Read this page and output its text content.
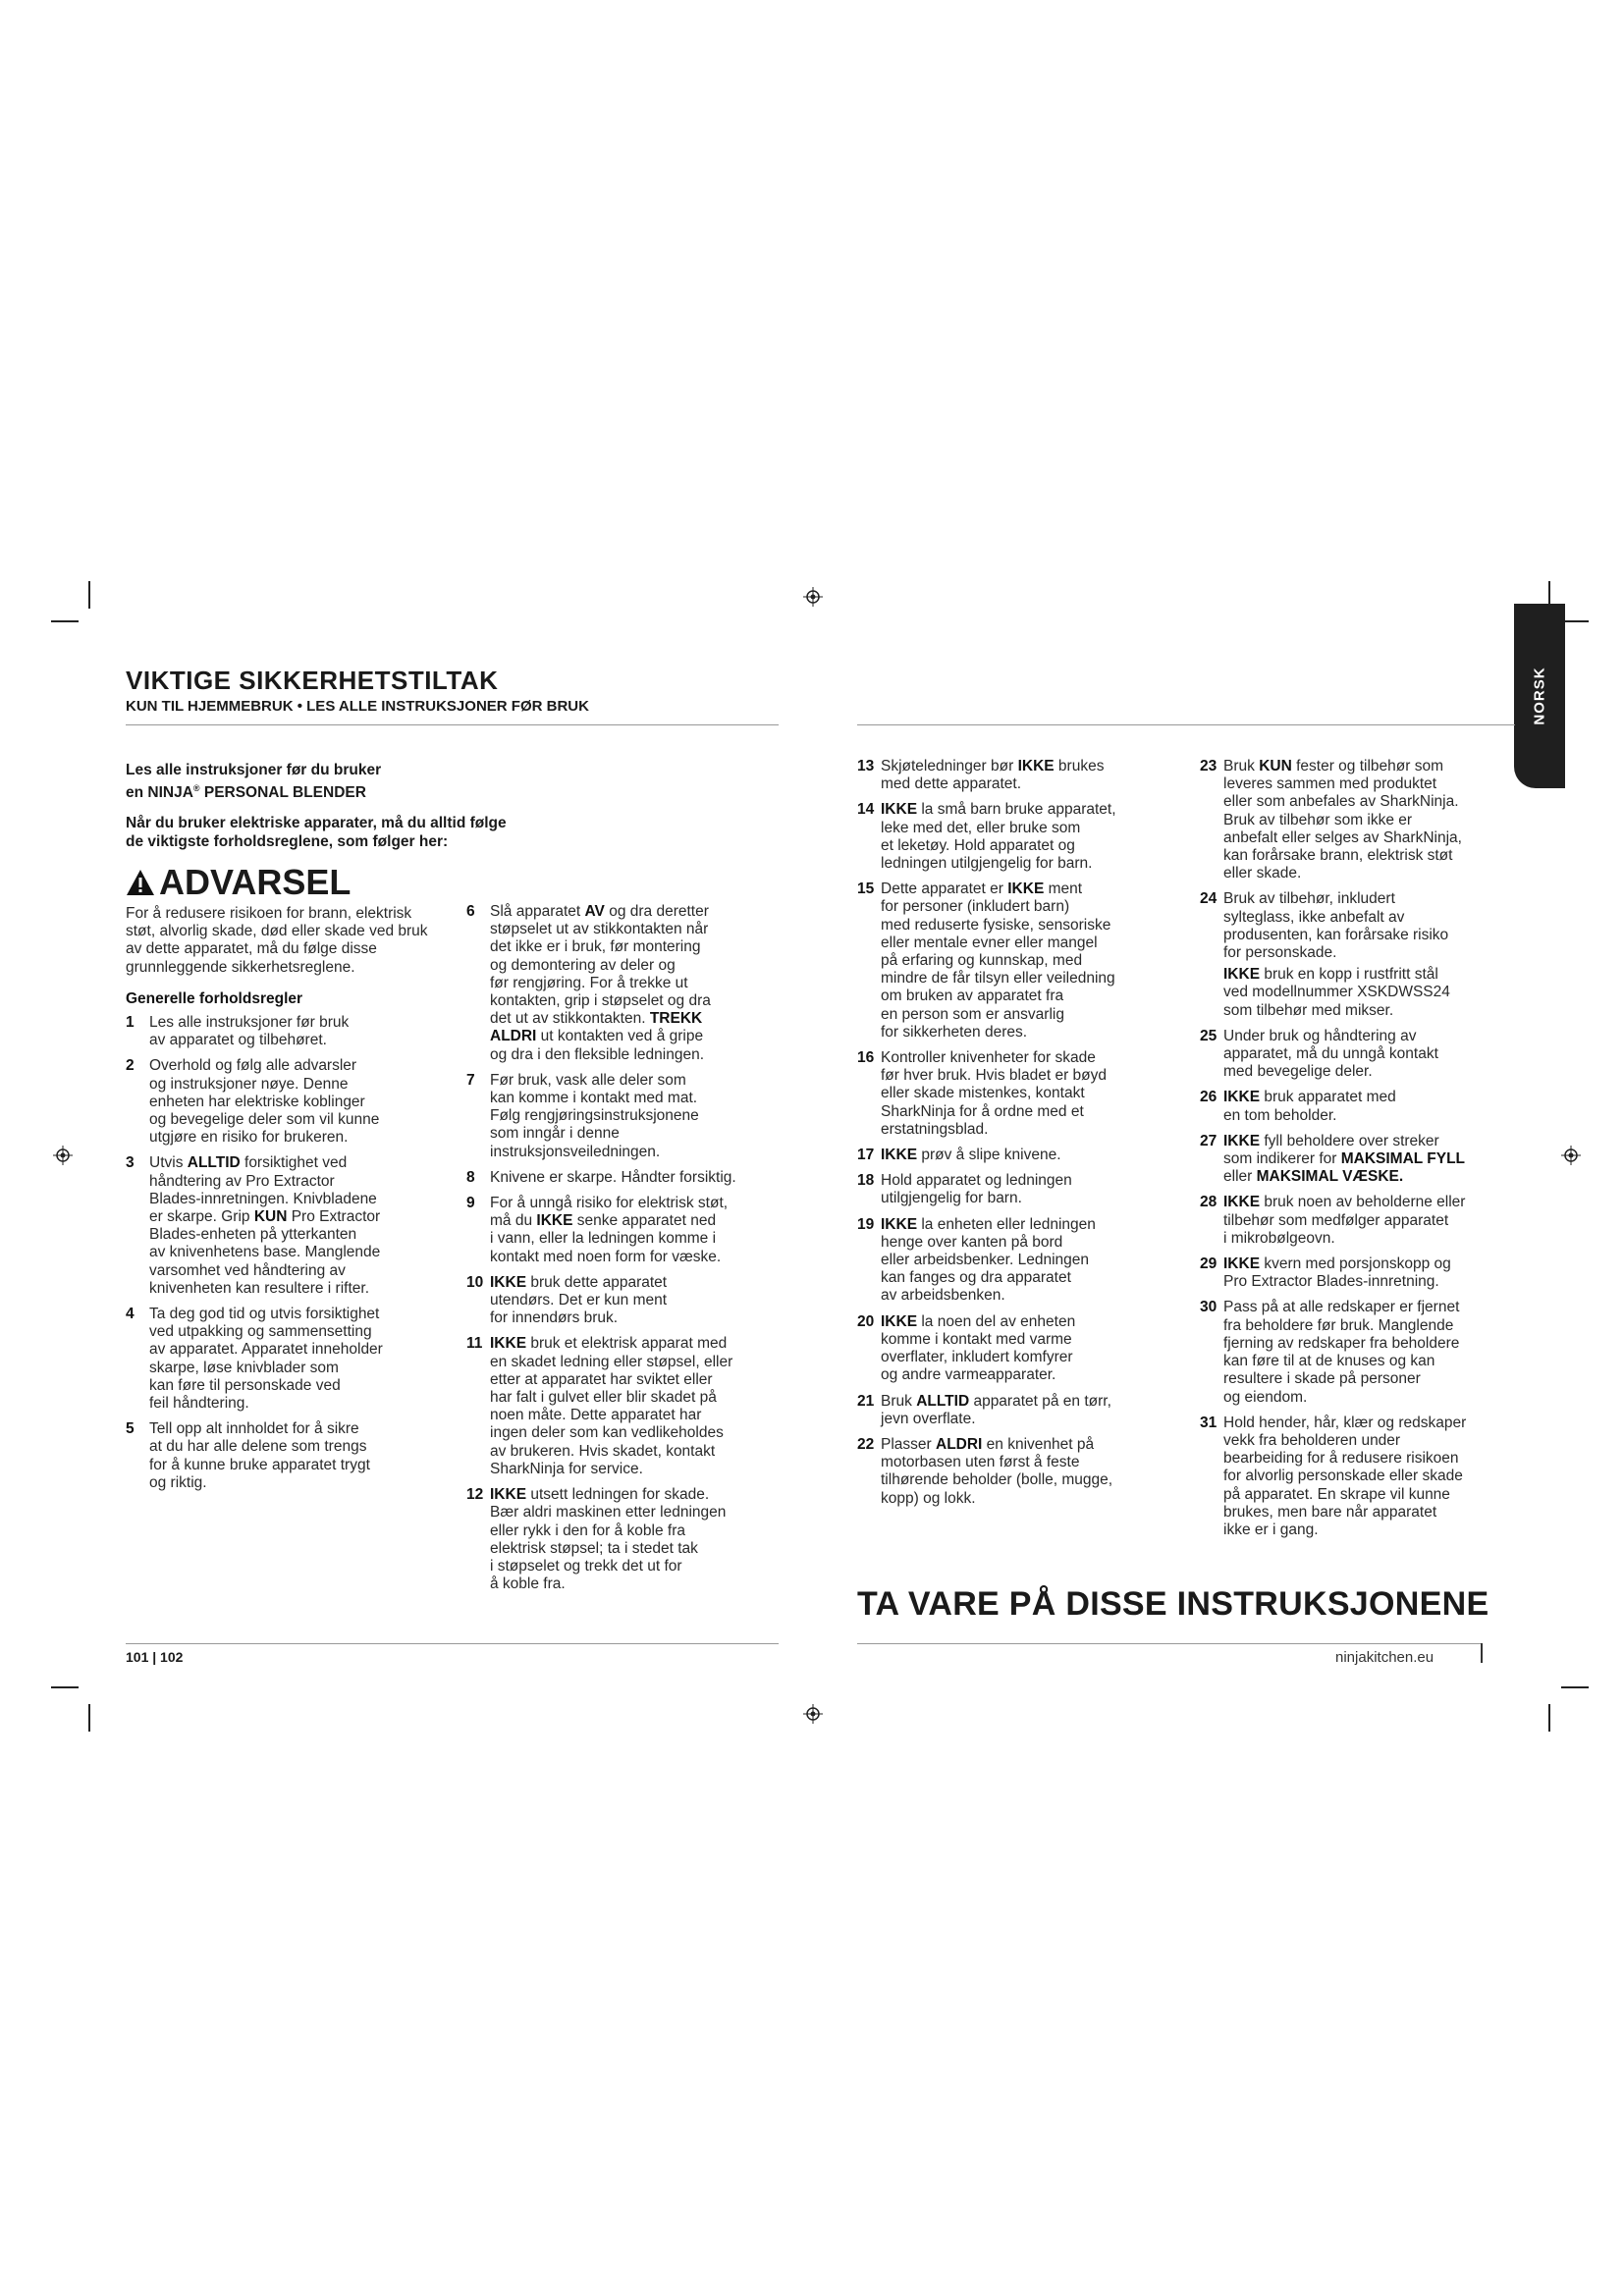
NORSK
VIKTIGE SIKKERHETSTILTAK
KUN TIL HJEMMEBRUK • LES ALLE INSTRUKSJONER FØR BRUK
Les alle instruksjoner før du bruker
en NINJA® PERSONAL BLENDER
Når du bruker elektriske apparater, må du alltid følge
de viktigste forholdsreglene, som følger her:
ADVARSEL

For å redusere risikoen for brann, elektrisk støt, alvorlig skade, død eller skade ved bruk av dette apparatet, må du følge disse grunnleggende sikkerhetsreglene.

Generelle forholdsregler
1 Les alle instruksjoner før bruk
av apparatet og tilbehøret.
2 Overhold og følg alle advarsler
og instruksjoner nøye. Denne
enheten har elektriske koblinger
og bevegelige deler som vil kunne
utgjøre en risiko for brukeren.
3 Utvis ALLTID forsiktighet ved
håndtering av Pro Extractor
Blades-innretningen. Knivbladene
er skarpe. Grip KUN Pro Extractor
Blades-enheten på ytterkanten
av knivenhetens base. Manglende
varsomhet ved håndtering av
knivenheten kan resultere i rifter.
4 Ta deg god tid og utvis forsiktighet
ved utpakking og sammensetting
av apparatet. Apparatet inneholder
skarpe, løse knivblader som
kan føre til personskade ved
feil håndtering.
5 Tell opp alt innholdet for å sikre
at du har alle delene som trengs
for å kunne bruke apparatet trygt
og riktig.
6 Slå apparatet AV og dra deretter
støpselet ut av stikkontakten når
det ikke er i bruk, før montering
og demontering av deler og
før rengjøring. For å trekke ut
kontakten, grip i støpselet og dra
det ut av stikkontakten. TREKK
ALDRI ut kontakten ved å gripe
og dra i den fleksible ledningen.
7 Før bruk, vask alle deler som
kan komme i kontakt med mat.
Følg rengjøringsinstruksjonene
som inngår i denne
instruksjonsveiledningen.
8 Knivene er skarpe. Håndter forsiktig.
9 For å unngå risiko for elektrisk støt,
må du IKKE senke apparatet ned
i vann, eller la ledningen komme i
kontakt med noen form for væske.
10 IKKE bruk dette apparatet
utendørs. Det er kun ment
for innendørs bruk.
11 IKKE bruk et elektrisk apparat med
en skadet ledning eller støpsel, eller
etter at apparatet har sviktet eller
har falt i gulvet eller blir skadet på
noen måte. Dette apparatet har
ingen deler som kan vedlikeholdes
av brukeren. Hvis skadet, kontakt
SharkNinja for service.
12 IKKE utsett ledningen for skade.
Bær aldri maskinen etter ledningen
eller rykk i den for å koble fra
elektrisk støpsel; ta i stedet tak
i støpselet og trekk det ut for
å koble fra.
13 Skjøteledninger bør IKKE brukes
med dette apparatet.
14 IKKE la små barn bruke apparatet,
leke med det, eller bruke som
et leketøy. Hold apparatet og
ledningen utilgjengelig for barn.
15 Dette apparatet er IKKE ment
for personer (inkludert barn)
med reduserte fysiske, sensoriske
eller mentale evner eller mangel
på erfaring og kunnskap, med
mindre de får tilsyn eller veiledning
om bruken av apparatet fra
en person som er ansvarlig
for sikkerheten deres.
16 Kontroller knivenheter for skade
før hver bruk. Hvis bladet er bøyd
eller skade mistenkes, kontakt
SharkNinja for å ordne med et
erstatningsblad.
17 IKKE prøv å slipe knivene.
18 Hold apparatet og ledningen
utilgjengelig for barn.
19 IKKE la enheten eller ledningen
henge over kanten på bord
eller arbeidsbenker. Ledningen
kan fanges og dra apparatet
av arbeidsbenken.
20 IKKE la noen del av enheten
komme i kontakt med varme
overflater, inkludert komfyrer
og andre varmeapparater.
21 Bruk ALLTID apparatet på en tørr,
jevn overflate.
22 Plasser ALDRI en knivenhet på
motorbasen uten først å feste
tilhørende beholder (bolle, mugge,
kopp) og lokk.
23 Bruk KUN fester og tilbehør som
leveres sammen med produktet
eller som anbefales av SharkNinja.
Bruk av tilbehør som ikke er
anbefalt eller selges av SharkNinja,
kan forårsake brann, elektrisk støt
eller skade.
24 Bruk av tilbehør, inkludert
sylteglass, ikke anbefalt av
produsenten, kan forårsake risiko
for personskade.
IKKE bruk en kopp i rustfritt stål
ved modellnummer XSKDWSS24
som tilbehør med mikser.
25 Under bruk og håndtering av
apparatet, må du unngå kontakt
med bevegelige deler.
26 IKKE bruk apparatet med
en tom beholder.
27 IKKE fyll beholdere over streker
som indikerer for MAKSIMAL FYLL
eller MAKSIMAL VÆSKE.
28 IKKE bruk noen av beholderne eller
tilbehør som medfølger apparatet
i mikrobølgeovn.
29 IKKE kvern med porsjonskopp og
Pro Extractor Blades-innretning.
30 Pass på at alle redskaper er fjernet
fra beholdere før bruk. Manglende
fjerning av redskaper fra beholdere
kan føre til at de knuses og kan
resultere i skade på personer
og eiendom.
31 Hold hender, hår, klær og redskaper
vekk fra beholderen under
bearbeiding for å redusere risikoen
for alvorlig personskade eller skade
på apparatet. En skrape vil kunne
brukes, men bare når apparatet
ikke er i gang.
TA VARE PÅ DISSE INSTRUKSJONENE
101 | 102	ninjakitchen.eu
